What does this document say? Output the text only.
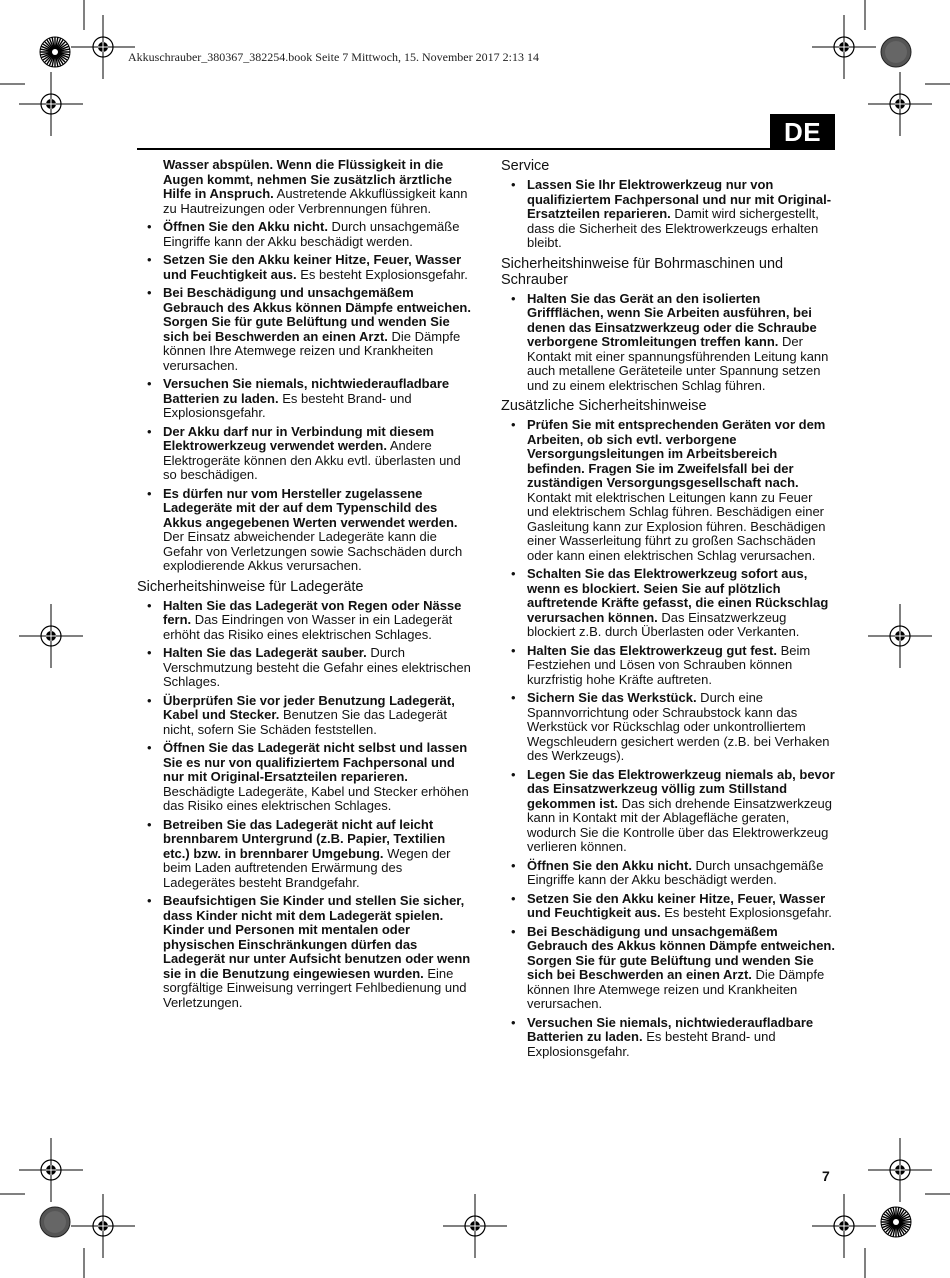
Akkuschrauber_380367_382254.book Seite 7 Mittwoch, 15. November 2017 2:13 14
DE

Wasser abspülen. Wenn die Flüssigkeit in die Augen kommt, nehmen Sie zusätzlich ärztliche Hilfe in Anspruch. Austretende Akkuflüssigkeit kann zu Hautreizungen oder Verbrennungen führen.

• Öffnen Sie den Akku nicht. Durch unsachgemäße Eingriffe kann der Akku beschädigt werden.
• Setzen Sie den Akku keiner Hitze, Feuer, Wasser und Feuchtigkeit aus. Es besteht Explosionsgefahr.
• Bei Beschädigung und unsachgemäßem Gebrauch des Akkus können Dämpfe entweichen. Sorgen Sie für gute Belüftung und wenden Sie sich bei Beschwerden an einen Arzt. Die Dämpfe können Ihre Atemwege reizen und Krankheiten verursachen.
• Versuchen Sie niemals, nichtwiederaufladbare Batterien zu laden. Es besteht Brand- und Explosionsgefahr.
• Der Akku darf nur in Verbindung mit diesem Elektrowerkzeug verwendet werden. Andere Elektrogeräte können den Akku evtl. überlasten und so beschädigen.
• Es dürfen nur vom Hersteller zugelassene Ladegeräte mit der auf dem Typenschild des Akkus angegebenen Werten verwendet werden. Der Einsatz abweichender Ladegeräte kann die Gefahr von Verletzungen sowie Sachschäden durch explodierende Akkus verursachen.
Sicherheitshinweise für Ladegeräte
• Halten Sie das Ladegerät von Regen oder Nässe fern. Das Eindringen von Wasser in ein Ladegerät erhöht das Risiko eines elektrischen Schlages.
• Halten Sie das Ladegerät sauber. Durch Verschmutzung besteht die Gefahr eines elektrischen Schlages.
• Überprüfen Sie vor jeder Benutzung Ladegerät, Kabel und Stecker. Benutzen Sie das Ladegerät nicht, sofern Sie Schäden feststellen.
• Öffnen Sie das Ladegerät nicht selbst und lassen Sie es nur von qualifiziertem Fachpersonal und nur mit Original-Ersatzteilen reparieren. Beschädigte Ladegeräte, Kabel und Stecker erhöhen das Risiko eines elektrischen Schlages.
• Betreiben Sie das Ladegerät nicht auf leicht brennbarem Untergrund (z.B. Papier, Textilien etc.) bzw. in brennbarer Umgebung. Wegen der beim Laden auftretenden Erwärmung des Ladegerätes besteht Brandgefahr.
• Beaufsichtigen Sie Kinder und stellen Sie sicher, dass Kinder nicht mit dem Ladegerät spielen. Kinder und Personen mit mentalen oder physischen Einschränkungen dürfen das Ladegerät nur unter Aufsicht benutzen oder wenn sie in die Benutzung eingewiesen wurden. Eine sorgfältige Einweisung verringert Fehlbedienung und Verletzungen.
Service
• Lassen Sie Ihr Elektrowerkzeug nur von qualifiziertem Fachpersonal und nur mit Original-Ersatzteilen reparieren. Damit wird sichergestellt, dass die Sicherheit des Elektrowerkzeugs erhalten bleibt.
Sicherheitshinweise für Bohrmaschinen und Schrauber
• Halten Sie das Gerät an den isolierten Griffflächen, wenn Sie Arbeiten ausführen, bei denen das Einsatzwerkzeug oder die Schraube verborgene Stromleitungen treffen kann. Der Kontakt mit einer spannungsführenden Leitung kann auch metallene Geräteteile unter Spannung setzen und zu einem elektrischen Schlag führen.
Zusätzliche Sicherheitshinweise
• Prüfen Sie mit entsprechenden Geräten vor dem Arbeiten, ob sich evtl. verborgene Versorgungsleitungen im Arbeitsbereich befinden. Fragen Sie im Zweifelsfall bei der zuständigen Versorgungsgesellschaft nach. Kontakt mit elektrischen Leitungen kann zu Feuer und elektrischem Schlag führen. Beschädigen einer Gasleitung kann zur Explosion führen. Beschädigen einer Wasserleitung führt zu großen Sachschäden oder kann einen elektrischen Schlag verursachen.
• Schalten Sie das Elektrowerkzeug sofort aus, wenn es blockiert. Seien Sie auf plötzlich auftretende Kräfte gefasst, die einen Rückschlag verursachen können. Das Einsatzwerkzeug blockiert z.B. durch Überlasten oder Verkanten.
• Halten Sie das Elektrowerkzeug gut fest. Beim Festziehen und Lösen von Schrauben können kurzfristig hohe Kräfte auftreten.
• Sichern Sie das Werkstück. Durch eine Spannvorrichtung oder Schraubstock kann das Werkstück vor Rückschlag oder unkontrolliertem Wegschleudern gesichert werden (z.B. bei Verhaken des Werkzeugs).
• Legen Sie das Elektrowerkzeug niemals ab, bevor das Einsatzwerkzeug völlig zum Stillstand gekommen ist. Das sich drehende Einsatzwerkzeug kann in Kontakt mit der Ablagefläche geraten, wodurch Sie die Kontrolle über das Elektrowerkzeug verlieren können.
• Öffnen Sie den Akku nicht. Durch unsachgemäße Eingriffe kann der Akku beschädigt werden.
• Setzen Sie den Akku keiner Hitze, Feuer, Wasser und Feuchtigkeit aus. Es besteht Explosionsgefahr.
• Bei Beschädigung und unsachgemäßem Gebrauch des Akkus können Dämpfe entweichen. Sorgen Sie für gute Belüftung und wenden Sie sich bei Beschwerden an einen Arzt. Die Dämpfe können Ihre Atemwege reizen und Krankheiten verursachen.
• Versuchen Sie niemals, nichtwiederaufladbare Batterien zu laden. Es besteht Brand- und Explosionsgefahr.
7
